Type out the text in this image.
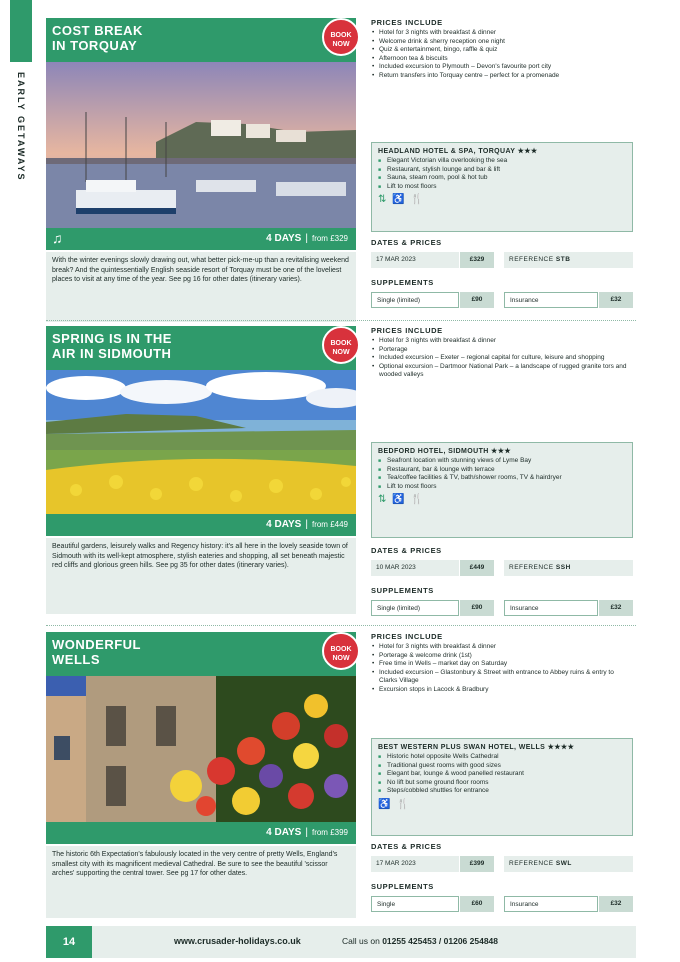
EARLY GETAWAYS
COST BREAK
IN TORQUAY
BOOK NOW
♫	4 DAYS | from £329
With the winter evenings slowly drawing out, what better pick-me-up than a revitalising weekend break? And the quintessentially English seaside resort of Torquay must be one of the loveliest places to visit at any time of the year. See pg 16 for other dates (itinerary varies).
PRICES INCLUDE
• Hotel for 3 nights with breakfast & dinner
• Welcome drink & sherry reception one night
• Quiz & entertainment, bingo, raffle & quiz
• Afternoon tea & biscuits
• Included excursion to Plymouth – Devon's favourite port city
• Return transfers into Torquay centre – perfect for a promenade
HEADLAND HOTEL & SPA, TORQUAY ★★★
■ Elegant Victorian villa overlooking the sea
■ Restaurant, stylish lounge and bar & lift
■ Sauna, steam room, pool & hot tub
■ Lift to most floors
⇅♿🍴
DATES & PRICES
17 MAR 2023	£329	REFERENCE STB
SUPPLEMENTS
Single (limited)	£90	Insurance	£32
SPRING IS IN THE
AIR IN SIDMOUTH
BOOK NOW
4 DAYS | from £449
Beautiful gardens, leisurely walks and Regency history: it's all here in the lovely seaside town of Sidmouth with its well-kept atmosphere, stylish eateries and shopping, all set beneath majestic red cliffs and glorious green hills. See pg 35 for other dates (itinerary varies).
PRICES INCLUDE
• Hotel for 3 nights with breakfast & dinner
• Porterage
• Included excursion – Exeter – regional capital for culture, leisure and shopping
• Optional excursion – Dartmoor National Park – a landscape of rugged granite tors and wooded valleys
BEDFORD HOTEL, SIDMOUTH ★★★
■ Seafront location with stunning views of Lyme Bay
■ Restaurant, bar & lounge with terrace
■ Tea/coffee facilities & TV, bath/shower rooms, TV & hairdryer
■ Lift to most floors
⇅♿🍴
DATES & PRICES
10 MAR 2023	£449	REFERENCE SSH
SUPPLEMENTS
Single (limited)	£90	Insurance	£32
WONDERFUL
WELLS
BOOK NOW
4 DAYS | from £399
The historic 6th Expectation's fabulously located in the very centre of pretty Wells, England's smallest city with its magnificent medieval Cathedral. Be sure to see the beautiful 'scissor arches' supporting the central tower. See pg 17 for other dates.
PRICES INCLUDE
• Hotel for 3 nights with breakfast & dinner
• Porterage & welcome drink (1st)
• Free time in Wells – market day on Saturday
• Included excursion – Glastonbury & Street with entrance to Abbey ruins & entry to Clarks Village
• Excursion stops in Lacock & Bradbury
BEST WESTERN PLUS SWAN HOTEL, WELLS ★★★★
■ Historic hotel opposite Wells Cathedral
■ Traditional guest rooms with good sizes
■ Elegant bar, lounge & wood panelled restaurant
■ No lift but some ground floor rooms
■ Steps/cobbled shuttles for entrance
♿🍴
DATES & PRICES
17 MAR 2023	£399	REFERENCE SWL
SUPPLEMENTS
Single	£60	Insurance	£32
14	www.crusader-holidays.co.uk	Call us on 01255 425453 / 01206 254848
